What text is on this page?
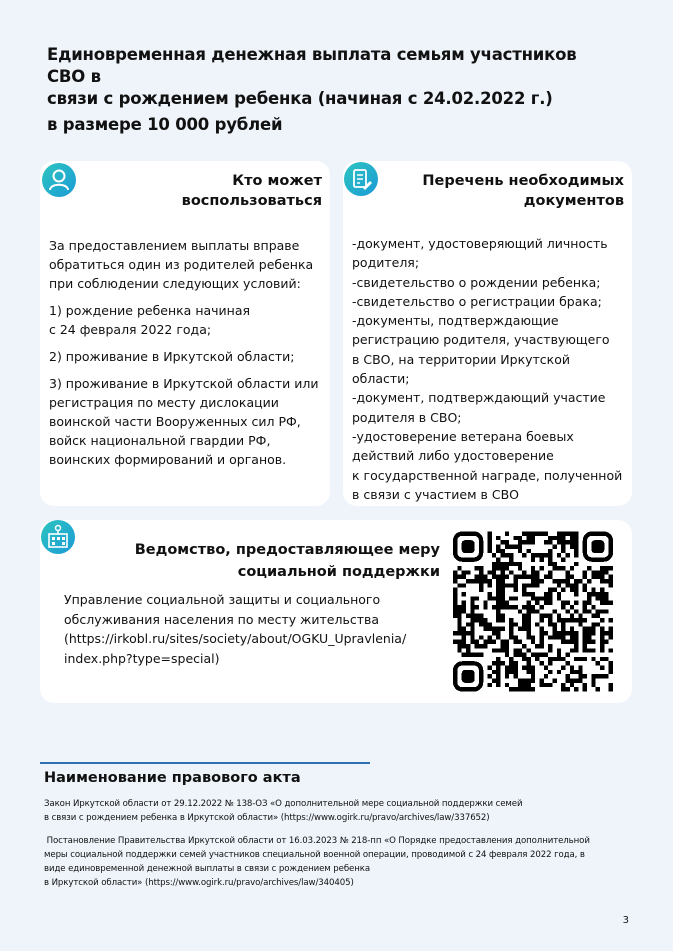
Единовременная денежная выплата семьям участников СВО в
связи с рождением ребенка (начиная с 24.02.2022 г.)
в размере 10 000 рублей
Кто может
воспользоваться

За предоставлением выплаты вправе
обратиться один из родителей ребенка
при соблюдении следующих условий:

1) рождение ребенка начиная
с 24 февраля 2022 года;

2) проживание в Иркутской области;

3) проживание в Иркутской области или
регистрация по месту дислокации
воинской части Вооруженных сил РФ,
войск национальной гвардии РФ,
воинских формирований и органов.

Перечень необходимых
документов
-документ, удостоверяющий личность
родителя;
-свидетельство о рождении ребенка;
-свидетельство о регистрации брака;
-документы, подтверждающие
регистрацию родителя, участвующего
в СВО, на территории Иркутской области;
-документ, подтверждающий участие
родителя в СВО;
-удостоверение ветерана боевых
действий либо удостоверение
к государственной награде, полученной
в связи с участием в СВО
Ведомство, предоставляющее меру
социальной поддержки
Управление социальной защиты и социального
обслуживания населения по месту жительства
(https://irkobl.ru/sites/society/about/OGKU_Upravlenia/
index.php?type=special)
Наименование правового акта
Закон Иркутской области от 29.12.2022 № 138-ОЗ «О дополнительной мере социальной поддержки семей
в связи с рождением ребенка в Иркутской области» (https://www.ogirk.ru/pravo/archives/law/337652)
Постановление Правительства Иркутской области от 16.03.2023 № 218-пп «О Порядке предоставления дополнительной
меры социальной поддержки семей участников специальной военной операции, проводимой с 24 февраля 2022 года, в
виде единовременной денежной выплаты в связи с рождением ребенка
в Иркутской области» (https://www.ogirk.ru/pravo/archives/law/340405)
3
